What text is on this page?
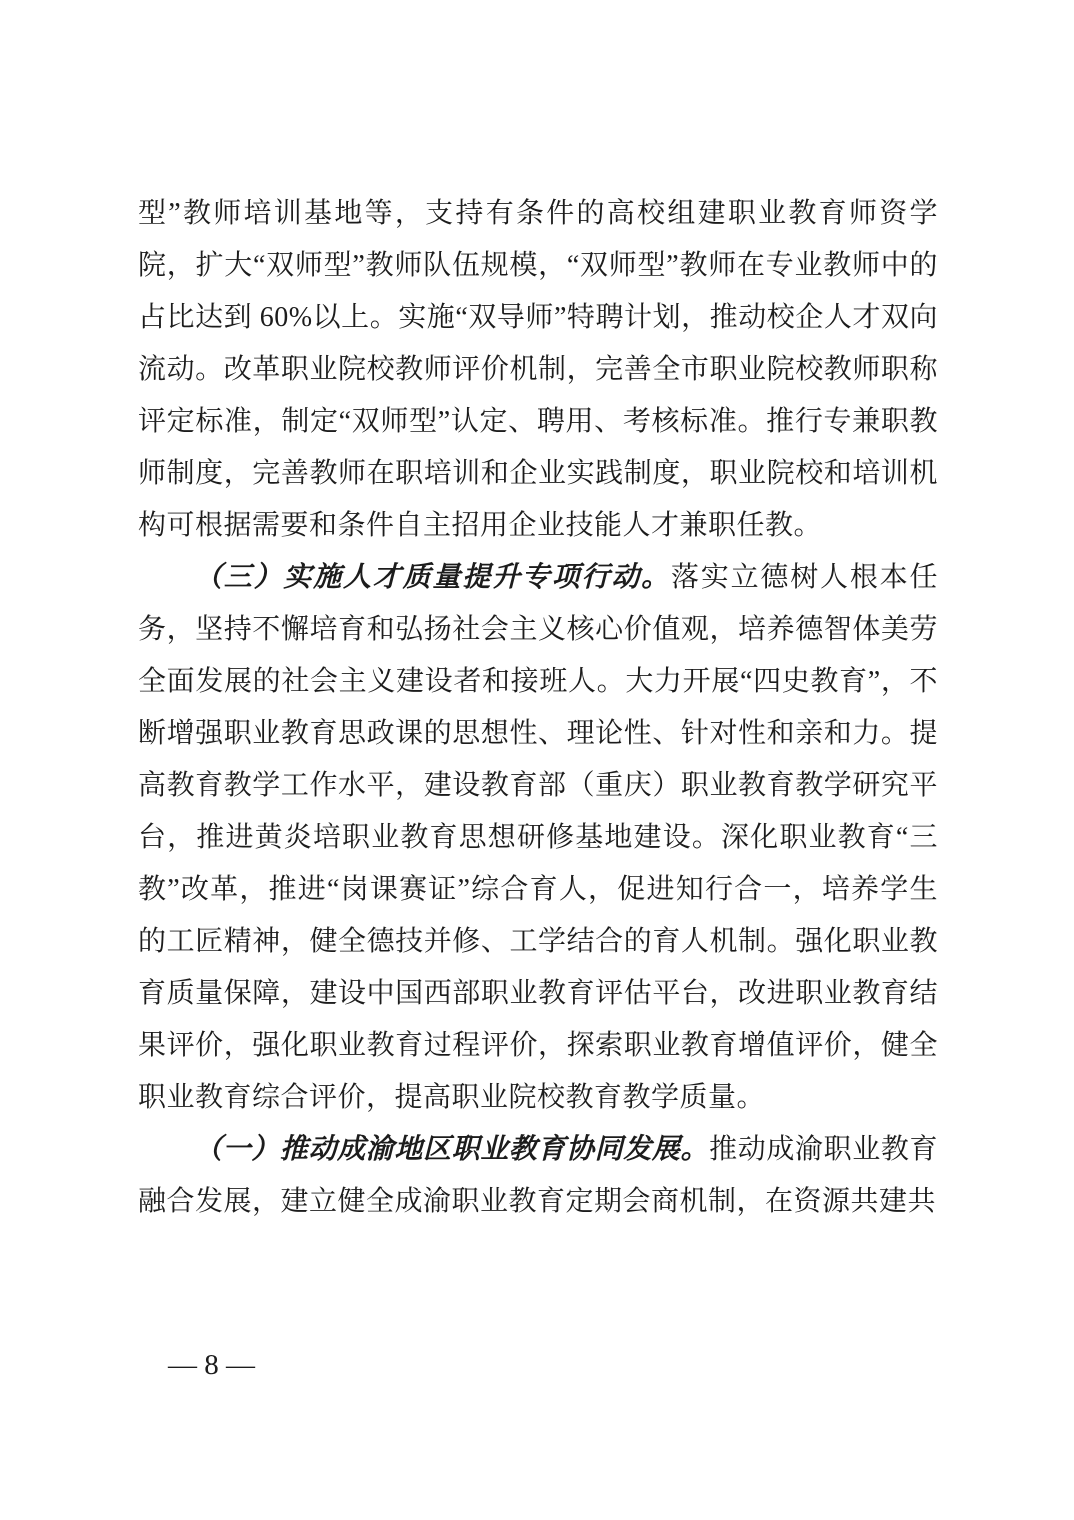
型”教师培训基地等，支持有条件的高校组建职业教育师资学院，扩大“双师型”教师队伍规模，“双师型”教师在专业教师中的占比达到 60%以上。实施“双导师”特聘计划，推动校企人才双向流动。改革职业院校教师评价机制，完善全市职业院校教师职称评定标准，制定“双师型”认定、聘用、考核标准。推行专兼职教师制度，完善教师在职培训和企业实践制度，职业院校和培训机构可根据需要和条件自主招用企业技能人才兼职任教。

（三）实施人才质量提升专项行动。落实立德树人根本任务，坚持不懈培育和弘扬社会主义核心价值观，培养德智体美劳全面发展的社会主义建设者和接班人。大力开展“四史教育”，不断增强职业教育思政课的思想性、理论性、针对性和亲和力。提高教育教学工作水平，建设教育部（重庆）职业教育教学研究平台，推进黄炎培职业教育思想研修基地建设。深化职业教育“三教”改革，推进“岗课赛证”综合育人，促进知行合一，培养学生的工匠精神，健全德技并修、工学结合的育人机制。强化职业教育质量保障，建设中国西部职业教育评估平台，改进职业教育结果评价，强化职业教育过程评价，探索职业教育增值评价，健全职业教育综合评价，提高职业院校教育教学质量。

（一）推动成渝地区职业教育协同发展。推动成渝职业教育融合发展，建立健全成渝职业教育定期会商机制，在资源共建共

— 8 —
